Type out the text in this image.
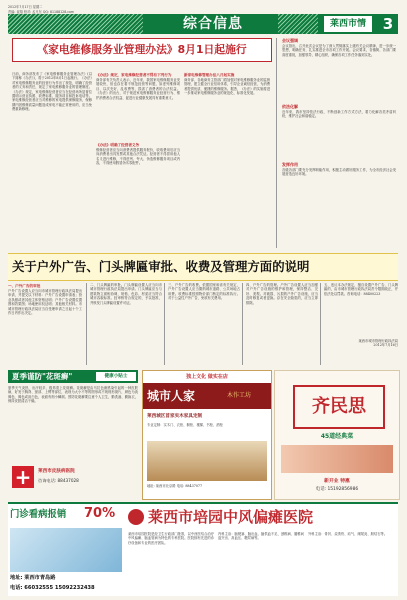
2012年7月17日 星期二
责编: 崔翔 校对: 孟凡东 QQ: 81188128.com
综合信息	莱西市情	3
《家电维修服务业管理办法》8月1日起施行
日前，商务部发布了《家电维修服务业管理办法》(以下简称《办法》)，将于2012年8月1日起施行。《办法》对家电维修服务业的经营行为作出了规范，明确了经营者的义务和责任，规定了家电维修服务业的管理制度。《办法》规定，家电维修经营者应当在经营场所显著位置明示营业执照、收费标准、服务项目和投诉电话等。家电维修经营者应当对维修的家电提供保修服务，保修期内因维修质量问题造成家电不能正常使用的，应当免费重新修理。
《办法》规定，家电维修经营者不得有下列行为
商务部有关负责人表示，近年来，我国家电维修服务业发展较快，但也存在着不规范经营等问题，如虚列维修项目、以次充好、乱收费等，损害了消费者的合法权益。《办法》的出台，对于规范家电维修服务业经营行为、维护消费者合法权益、促进行业健康发展具有重要意义。
《办法》明确了经营者义务
维修经营者应当向消费者提供服务报价，收取费用后应当向消费者出具发票或其他合法凭证。经营者不得冒用他人名义进行维修，不得虚列、夸大、伪造维修服务项目或内容，不得使用假冒伪劣零配件。
新家电维修管理办法八月起实施
商务部、各地商务主管部门将加强对家电维修服务业的监督管理，建立健全行业信用体系，引导企业诚信经营，为消费者提供优质、便捷的维修服务。据悉，《办法》的实施将进一步推动家电维修服务业的规范化、标准化发展。
会议强调
会议指出，召开此次会议是为了深入贯彻落实上级有关会议精神，进一步统一思想，明确任务，扎实推进全市各项工作开展。会议要求，各镇街、各部门要高度重视，加强领导，精心组织，确保各项工作任务落到实处。
依法化解
近年来，我市坚持依法行政，不断创新工作方式方法，着力化解各类矛盾纠纷，维护社会和谐稳定。
发挥作用
各级各部门要充分发挥职能作用，积极主动做好服务工作，为全市经济社会发展营造良好环境。
关于户外广告、门头牌匾审批、收费及管理方面的说明
一、户外广告的审批
户外广告设置人应当向市城市管理行政执法局提出申请，并提交以下材料：户外广告设置申请表；营业执照或者其他主体资格证明；户外广告设置位置图和效果图；场地使用权证明；其他相关材料。市城市管理行政执法局应当自受理申请之日起十个工作日内作出决定。
二、门头牌匾的审批。门头牌匾设置人应当向市城市管理行政执法局提出申请。门头牌匾应当与建筑物立面相协调，规格、色彩、材质应当符合城市容貌标准。经审核符合规定的，予以批准，并核发门头牌匾设置许可证。
三、户外广告的收费。依据国家和省有关规定，户外广告设置人应当缴纳城市道路、公共场地占用费。收费标准按照物价部门核定的标准执行。对于公益性户外广告，免收有关费用。
四、户外广告的管理。户外广告设置人应当加强对户外广告设施的维护和管理，保持整洁、完好、美观。对破损、污损的户外广告设施，应当及时修复或者更换。存在安全隐患的，应当立即排除。
五、违反本办法规定，擅自设置户外广告、门头牌匾的，由市城市管理行政执法局责令限期改正，并依法处以罚款。咨询电话：88400223
莱西市城市管理行政执法局
2012年7月16日
夏季谨防"花斑癣"	健康小贴士
夏季天气炎热，出汗较多，极易患上花斑癣。花斑癣是由马拉色菌感染引起的一种皮肤病，好发于胸背、颈部、上臂等部位，表现为大小不等的圆形或不规则形斑片，颜色为淡褐色、褐色或淡白色，表面有细小鳞屑。预防花斑癣要注意个人卫生，勤洗澡、勤换衣，保持皮肤清洁干燥。
+	莱西市皮肤病医院
咨询电话: 88437028
独上文化 做实在店
城市人家	木作工坊
莱西城区首家实木家具定制
专业定制：实木门、衣柜、橱柜、楼梯、书柜、酒柜
地址: 莱西市北京路 电话: 88437077
齐民思
45道经典菜
新开业 特惠
电话: 15192856986
门诊看病报销	70%
地址: 莱西市青岛路
电话: 66032555 15092232438
莱西市培园中风偏瘫医院
莱西市培园医院是经卫生行政部门批准，以中西医结合治疗中风偏瘫、脑血管病为特色的专科医院。医院拥有先进的诊疗设备和专业的医疗团队。
内科主治：脑梗塞、脑出血、脑供血不足、颈椎病、腰椎间盘突出、高血压、糖尿病等。
外科主治：骨折、烧烫伤、疝气、阑尾炎、胆结石等。
